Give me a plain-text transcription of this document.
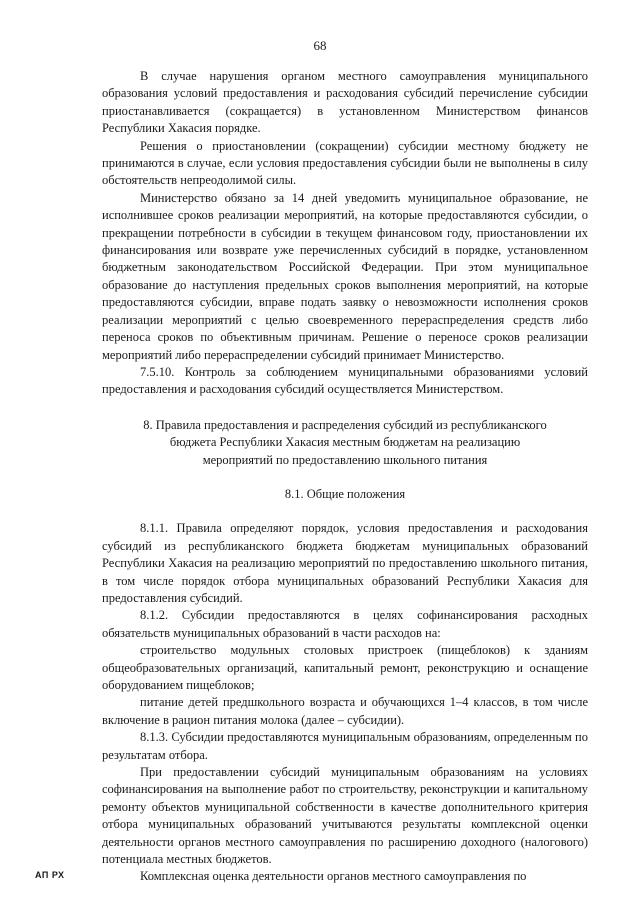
68

В случае нарушения органом местного самоуправления муниципального образования условий предоставления и расходования субсидий перечисление субсидии приостанавливается (сокращается) в установленном Министерством финансов Республики Хакасия порядке.

Решения о приостановлении (сокращении) субсидии местному бюджету не принимаются в случае, если условия предоставления субсидии были не выполнены в силу обстоятельств непреодолимой силы.

Министерство обязано за 14 дней уведомить муниципальное образование, не исполнившее сроков реализации мероприятий, на которые предоставляются субсидии, о прекращении потребности в субсидии в текущем финансовом году, приостановлении их финансирования или возврате уже перечисленных субсидий в порядке, установленном бюджетным законодательством Российской Федерации. При этом муниципальное образование до наступления предельных сроков выполнения мероприятий, на которые предоставляются субсидии, вправе подать заявку о невозможности исполнения сроков реализации мероприятий с целью своевременного перераспределения средств либо переноса сроков по объективным причинам. Решение о переносе сроков реализации мероприятий либо перераспределении субсидий принимает Министерство.

7.5.10. Контроль за соблюдением муниципальными образованиями условий предоставления и расходования субсидий осуществляется Министерством.

8. Правила предоставления и распределения субсидий из республиканского
бюджета Республики Хакасия местным бюджетам на реализацию
мероприятий по предоставлению школьного питания
8.1. Общие положения

8.1.1. Правила определяют порядок, условия предоставления и расходования субсидий из республиканского бюджета бюджетам муниципальных образований Республики Хакасия на реализацию мероприятий по предоставлению школьного питания, в том числе порядок отбора муниципальных образований Республики Хакасия для предоставления субсидий.

8.1.2. Субсидии предоставляются в целях софинансирования расходных обязательств муниципальных образований в части расходов на:

строительство модульных столовых пристроек (пищеблоков) к зданиям общеобразовательных организаций, капитальный ремонт, реконструкцию и оснащение оборудованием пищеблоков;

питание детей предшкольного возраста и обучающихся 1–4 классов, в том числе включение в рацион питания молока (далее – субсидии).

8.1.3. Субсидии предоставляются муниципальным образованиям, определенным по результатам отбора.

При предоставлении субсидий муниципальным образованиям на условиях софинансирования на выполнение работ по строительству, реконструкции и капитальному ремонту объектов муниципальной собственности в качестве дополнительного критерия отбора муниципальных образований учитываются результаты комплексной оценки деятельности органов местного самоуправления по расширению доходного (налогового) потенциала местных бюджетов.

Комплексная оценка деятельности органов местного самоуправления по

АП РХ
